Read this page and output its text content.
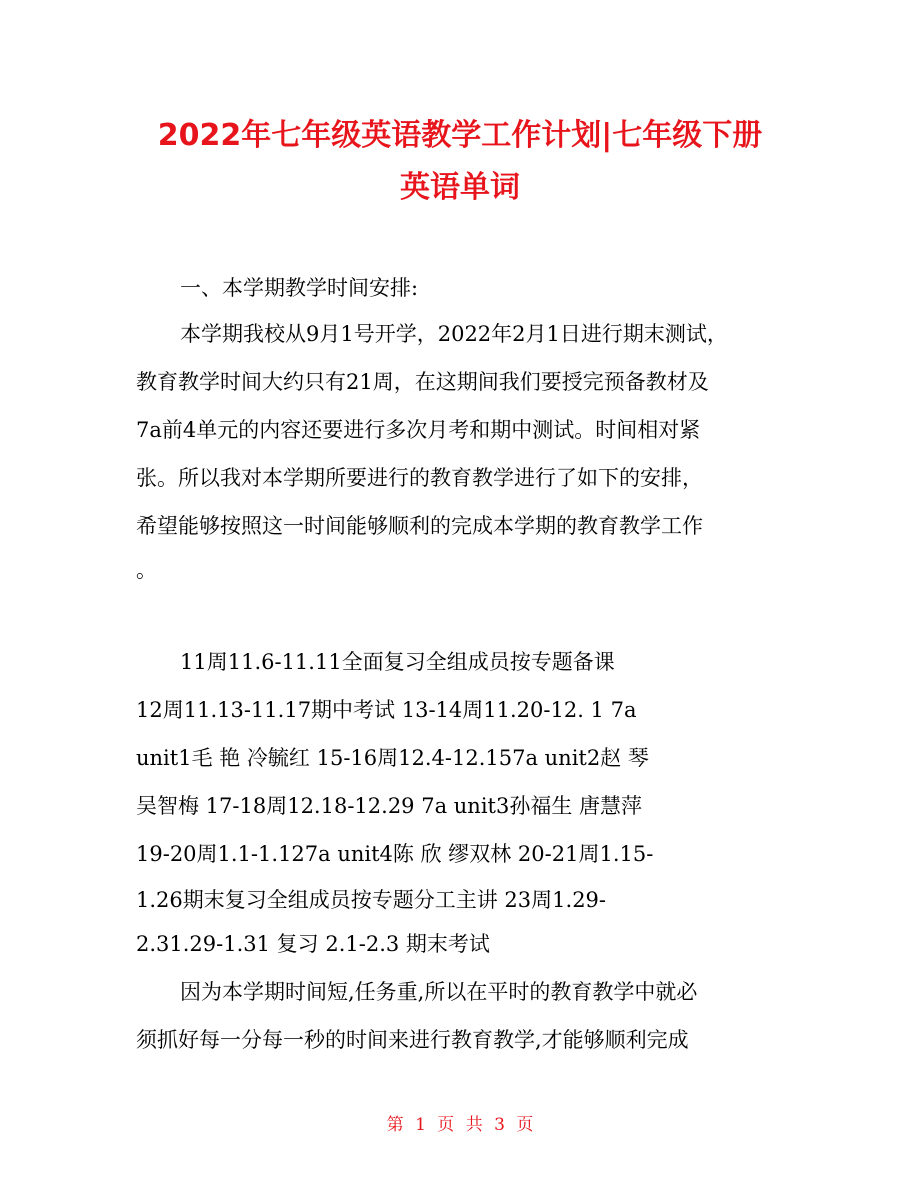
2022年七年级英语教学工作计划|七年级下册
英语单词

一、本学期教学时间安排:

本学期我校从9月1号开学，2022年2月1日进行期末测试，

教育教学时间大约只有21周，在这期间我们要授完预备教材及

7a前4单元的内容还要进行多次月考和期中测试。时间相对紧

张。所以我对本学期所要进行的教育教学进行了如下的安排，

希望能够按照这一时间能够顺利的完成本学期的教育教学工作

。

11周11.6-11.11全面复习全组成员按专题备课

12周11.13-11.17期中考试 13-14周11.20-12. 1 7a

unit1毛 艳 冷毓红 15-16周12.4-12.157a unit2赵 琴

吴智梅 17-18周12.18-12.29 7a unit3孙福生 唐慧萍

19-20周1.1-1.127a unit4陈 欣 缪双林 20-21周1.15-

1.26期末复习全组成员按专题分工主讲 23周1.29-

2.31.29-1.31 复习 2.1-2.3 期末考试

因为本学期时间短,任务重,所以在平时的教育教学中就必

须抓好每一分每一秒的时间来进行教育教学,才能够顺利完成

第 1 页 共 3 页
